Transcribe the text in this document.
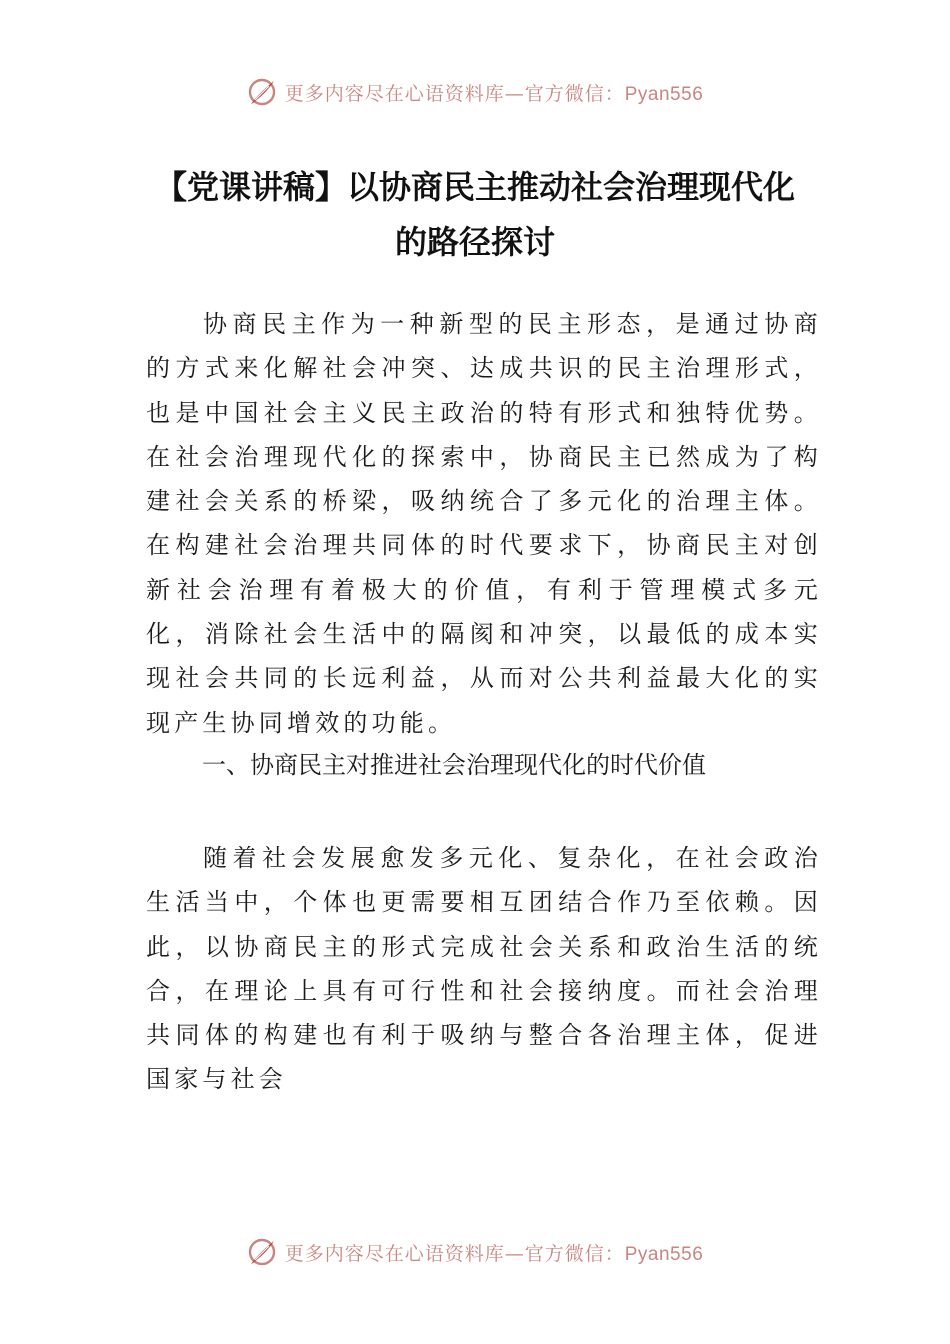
更多内容尽在心语资料库—官方微信：Pyan556
【党课讲稿】以协商民主推动社会治理现代化的路径探讨

协商民主作为一种新型的民主形态，是通过协商的方式来化解社会冲突、达成共识的民主治理形式，也是中国社会主义民主政治的特有形式和独特优势。在社会治理现代化的探索中，协商民主已然成为了构建社会关系的桥梁，吸纳统合了多元化的治理主体。在构建社会治理共同体的时代要求下，协商民主对创新社会治理有着极大的价值，有利于管理模式多元化，消除社会生活中的隔阂和冲突，以最低的成本实现社会共同的长远利益，从而对公共利益最大化的实现产生协同增效的功能。

一、协商民主对推进社会治理现代化的时代价值

随着社会发展愈发多元化、复杂化，在社会政治生活当中，个体也更需要相互团结合作乃至依赖。因此，以协商民主的形式完成社会关系和政治生活的统合，在理论上具有可行性和社会接纳度。而社会治理共同体的构建也有利于吸纳与整合各治理主体，促进国家与社会

更多内容尽在心语资料库—官方微信：Pyan556
